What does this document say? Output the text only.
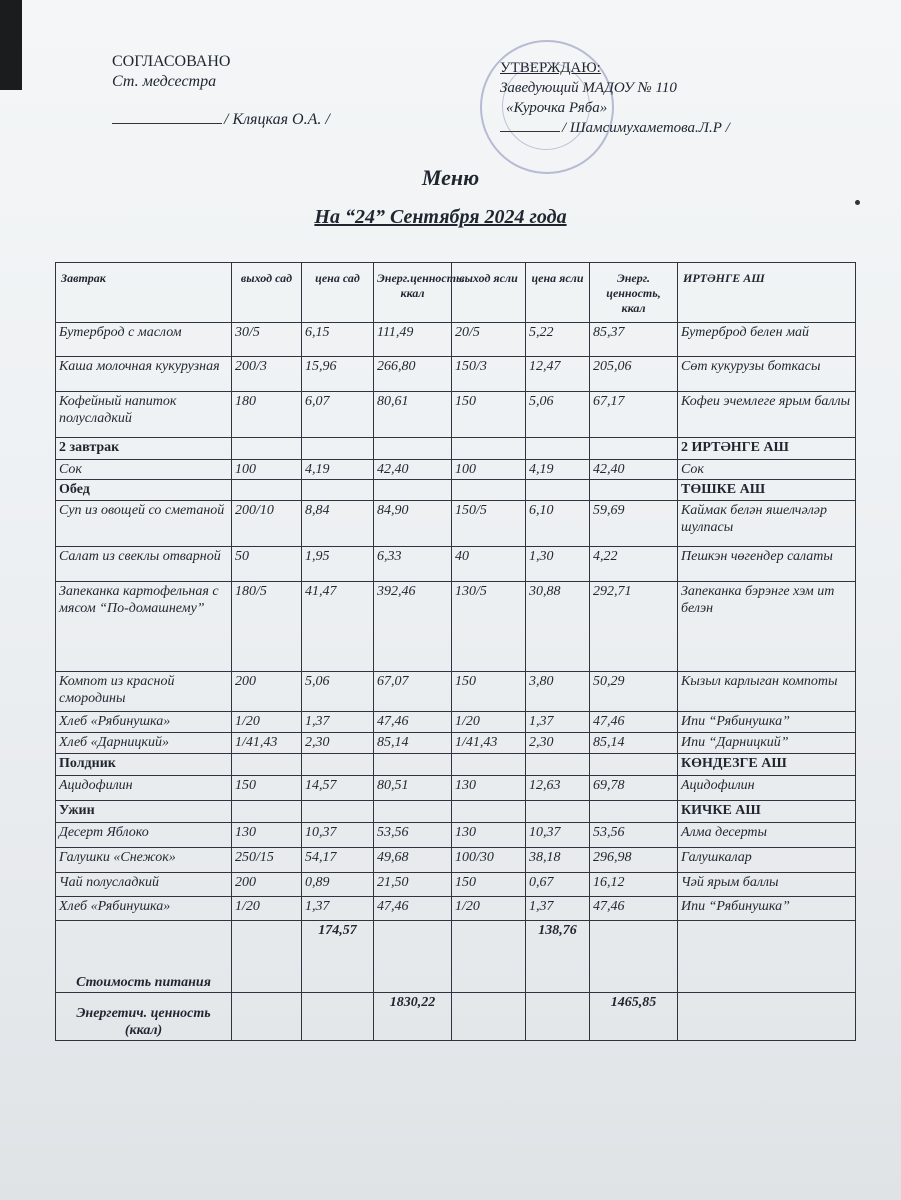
СОГЛАСОВАНО
Ст. медсестра
/ Кляцкая О.А. /
УТВЕРЖДАЮ:
Заведующий МАДОУ № 110
«Курочка Ряба»
/ Шамсимухаметова.Л.Р /
Меню
На “24” Сентября 2024 года
Завтрак	выход сад	цена сад	Энерг.ценность. ккал	выход ясли	цена ясли	Энерг. ценность, ккал	ИРТӘНГЕ АШ
Бутерброд с маслом	30/5	6,15	111,49	20/5	5,22	85,37	Бутерброд белен май
Каша молочная кукурузная	200/3	15,96	266,80	150/3	12,47	205,06	Сөт кукурузы боткасы
Кофейный напиток полусладкий	180	6,07	80,61	150	5,06	67,17	Кофеи эчемлеге ярым баллы
2 завтрак							2 ИРТӘНГЕ АШ
Сок	100	4,19	42,40	100	4,19	42,40	Сок
Обед							ТӨШКЕ АШ
Суп из овощей со сметаной	200/10	8,84	84,90	150/5	6,10	59,69	Каймак белән яшелчәләр шулпасы
Салат из свеклы отварной	50	1,95	6,33	40	1,30	4,22	Пешкэн чөгендер салаты
Запеканка картофельная с мясом “По-домашнему”	180/5	41,47	392,46	130/5	30,88	292,71	Запеканка бэрэнге хэм ит белэн
Компот из красной смородины	200	5,06	67,07	150	3,80	50,29	Кызыл карлыган компоты
Хлеб «Рябинушка»	1/20	1,37	47,46	1/20	1,37	47,46	Ипи “Рябинушка”
Хлеб «Дарницкий»	1/41,43	2,30	85,14	1/41,43	2,30	85,14	Ипи “Дарницкий”
Полдник							КӨНДЕЗГЕ АШ
Ацидофилин	150	14,57	80,51	130	12,63	69,78	Ацидофилин
Ужин							КИЧКЕ АШ
Десерт Яблоко	130	10,37	53,56	130	10,37	53,56	Алма десерты
Галушки «Снежок»	250/15	54,17	49,68	100/30	38,18	296,98	Галушкалар
Чай полусладкий	200	0,89	21,50	150	0,67	16,12	Чәй ярым баллы
Хлеб «Рябинушка»	1/20	1,37	47,46	1/20	1,37	47,46	Ипи “Рябинушка”
Стоимость питания		174,57			138,76		
Энергетич. ценность (ккал)			1830,22			1465,85	
